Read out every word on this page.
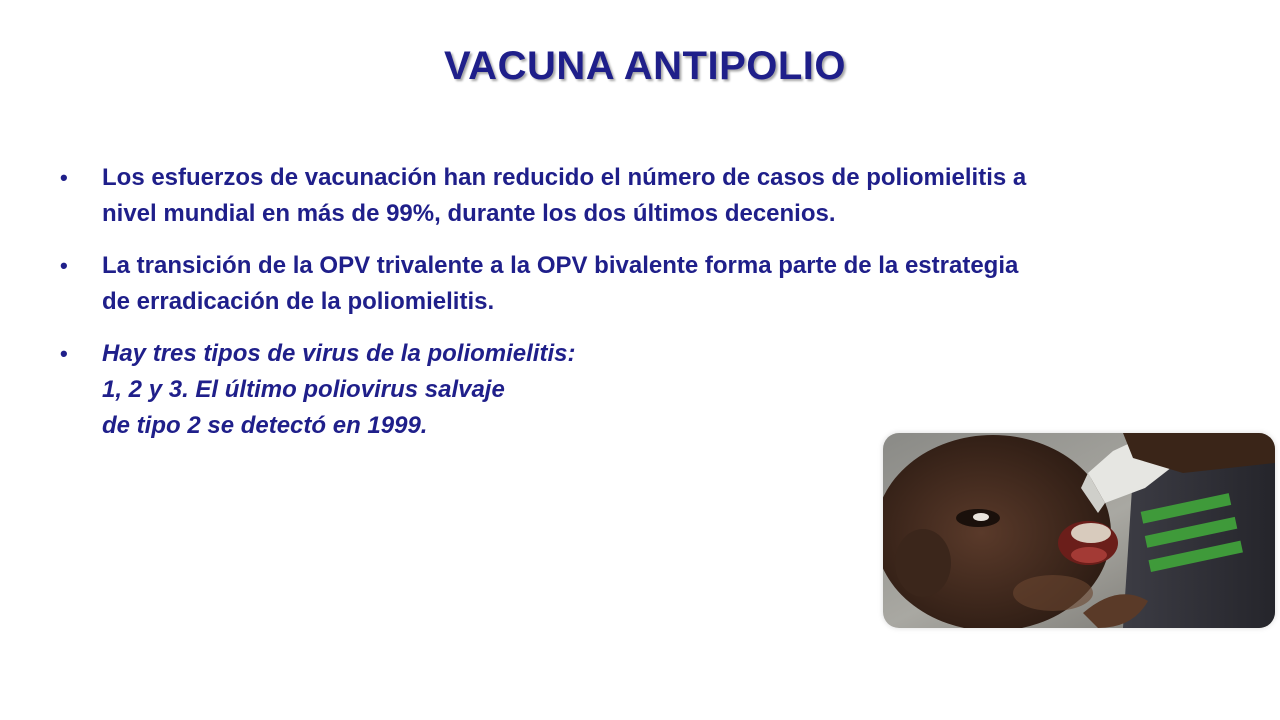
VACUNA ANTIPOLIO
• Los esfuerzos de vacunación han reducido el número de casos de poliomielitis a
nivel mundial en más de 99%, durante los dos últimos decenios.
• La transición de la OPV trivalente a la OPV bivalente forma parte de la estrategia
de erradicación de la poliomielitis.
• Hay tres tipos de virus de la poliomielitis:
1, 2 y 3. El último poliovirus salvaje
de tipo 2 se detectó en 1999.
